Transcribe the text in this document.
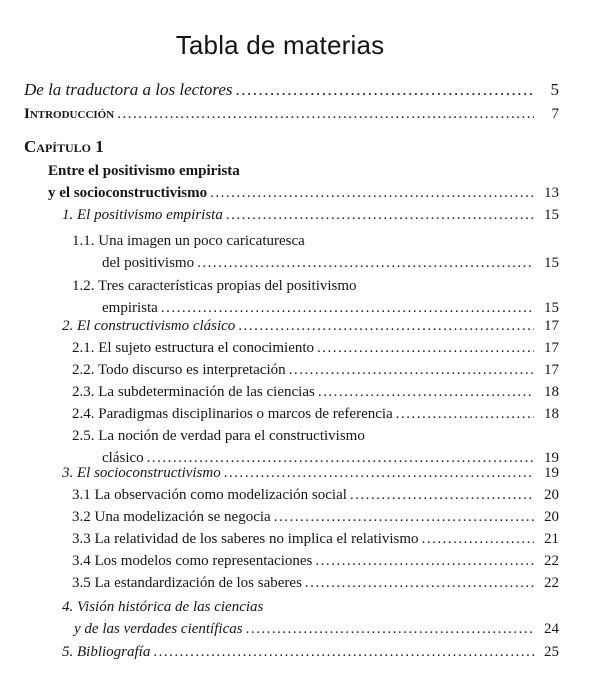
Tabla de materias
De la traductora a los lectores .....	5
Introducción .....	7
Capítulo 1
Entre el positivismo empirista
y el socioconstructivismo .....	13
1. El positivismo empirista .....	15
1.1. Una imagen un poco caricaturesca
del positivismo .....	15
1.2. Tres características propias del positivismo
empirista .....	15
2. El constructivismo clásico .....	17
2.1. El sujeto estructura el conocimiento .....	17
2.2. Todo discurso es interpretación .....	17
2.3. La subdeterminación de las ciencias .....	18
2.4. Paradigmas disciplinarios o marcos de referencia .....	18
2.5. La noción de verdad para el constructivismo
clásico .....	19
3. El socioconstructivismo .....	19
3.1 La observación como modelización social .....	20
3.2 Una modelización se negocia .....	20
3.3 La relatividad de los saberes no implica el relativismo .....	21
3.4 Los modelos como representaciones .....	22
3.5 La estandardización de los saberes .....	22
4. Visión histórica de las ciencias
y de las verdades científicas .....	24
5. Bibliografía .....	25
